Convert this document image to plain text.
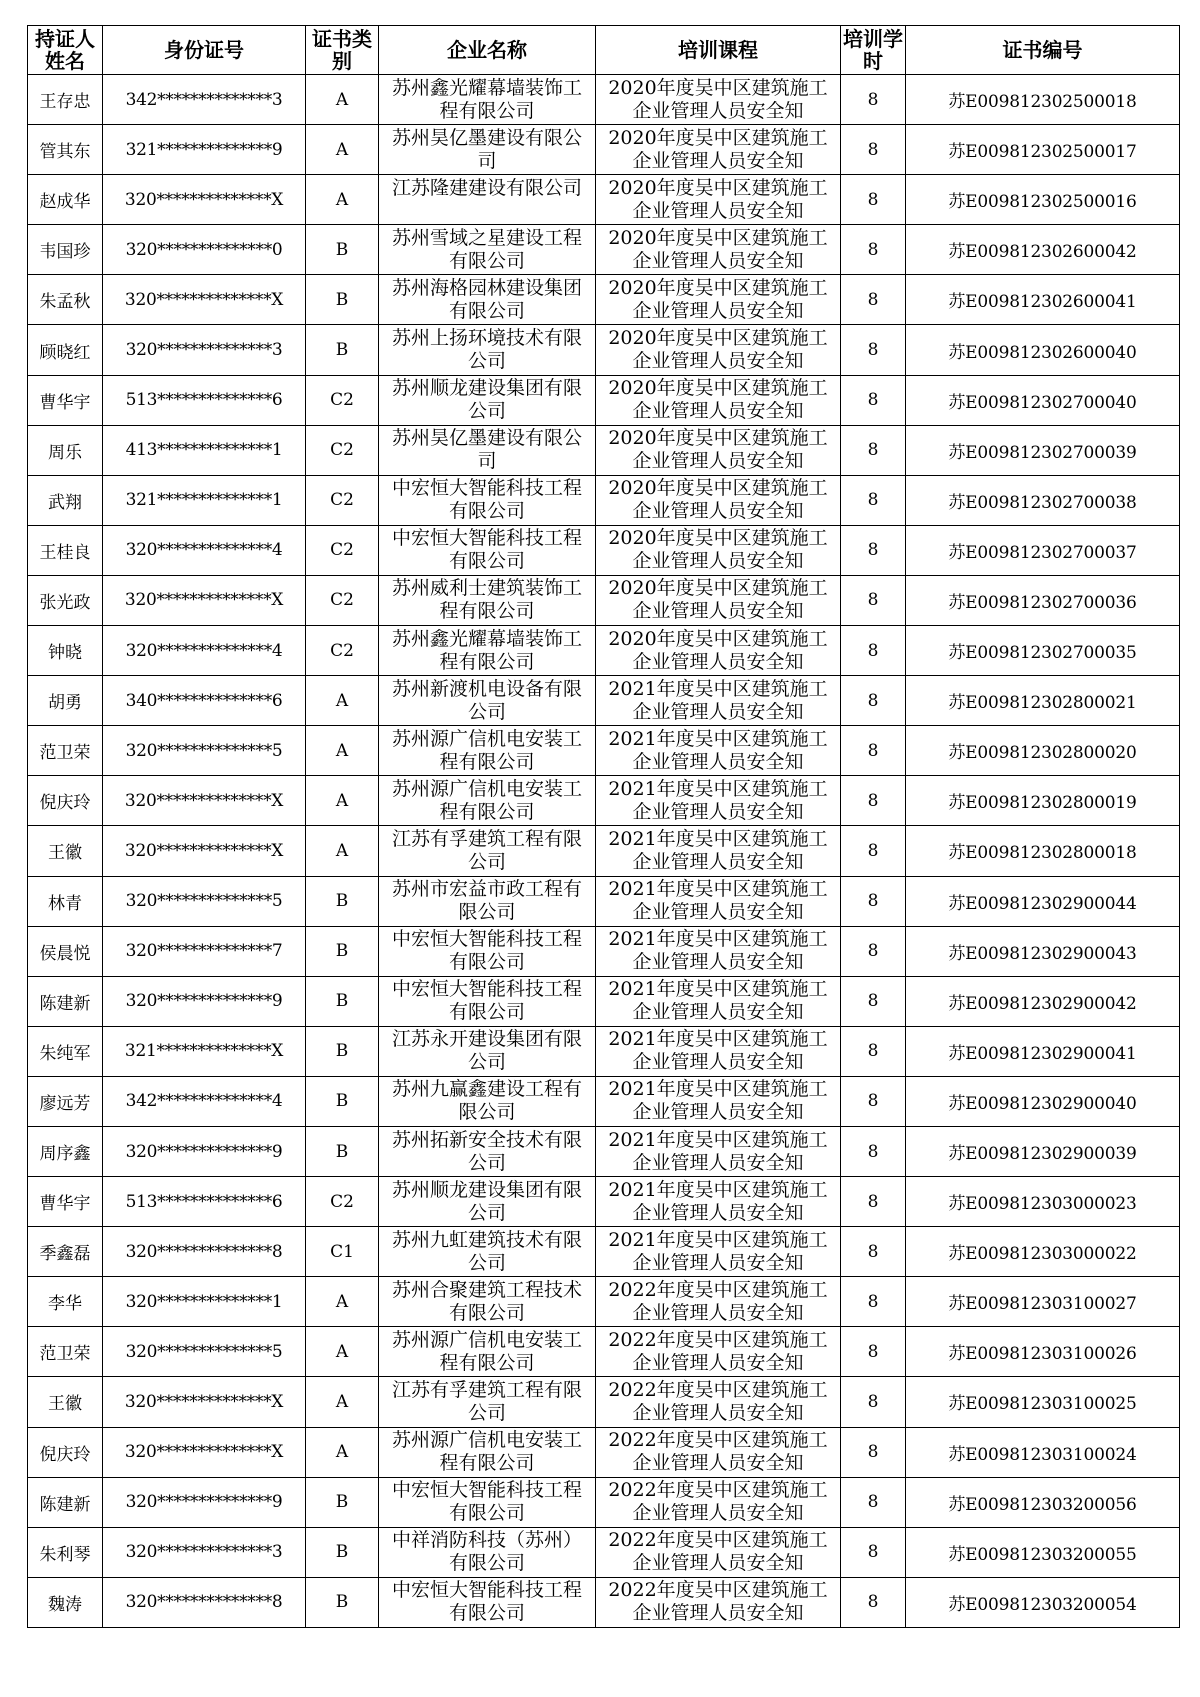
持证人姓名	身份证号	证书类别	企业名称	培训课程	培训学时	证书编号
王存忠	342**************3	A	苏州鑫光耀幕墙装饰工程有限公司	2020年度吴中区建筑施工企业管理人员安全知	8	苏E009812302500018
管其东	321**************9	A	苏州昊亿墨建设有限公司	2020年度吴中区建筑施工企业管理人员安全知	8	苏E009812302500017
赵成华	320**************X	A	江苏隆建建设有限公司	2020年度吴中区建筑施工企业管理人员安全知	8	苏E009812302500016
韦国珍	320**************0	B	苏州雪域之星建设工程有限公司	2020年度吴中区建筑施工企业管理人员安全知	8	苏E009812302600042
朱孟秋	320**************X	B	苏州海格园林建设集团有限公司	2020年度吴中区建筑施工企业管理人员安全知	8	苏E009812302600041
顾晓红	320**************3	B	苏州上扬环境技术有限公司	2020年度吴中区建筑施工企业管理人员安全知	8	苏E009812302600040
曹华宇	513**************6	C2	苏州顺龙建设集团有限公司	2020年度吴中区建筑施工企业管理人员安全知	8	苏E009812302700040
周乐	413**************1	C2	苏州昊亿墨建设有限公司	2020年度吴中区建筑施工企业管理人员安全知	8	苏E009812302700039
武翔	321**************1	C2	中宏恒大智能科技工程有限公司	2020年度吴中区建筑施工企业管理人员安全知	8	苏E009812302700038
王桂良	320**************4	C2	中宏恒大智能科技工程有限公司	2020年度吴中区建筑施工企业管理人员安全知	8	苏E009812302700037
张光政	320**************X	C2	苏州威利士建筑装饰工程有限公司	2020年度吴中区建筑施工企业管理人员安全知	8	苏E009812302700036
钟晓	320**************4	C2	苏州鑫光耀幕墙装饰工程有限公司	2020年度吴中区建筑施工企业管理人员安全知	8	苏E009812302700035
胡勇	340**************6	A	苏州新渡机电设备有限公司	2021年度吴中区建筑施工企业管理人员安全知	8	苏E009812302800021
范卫荣	320**************5	A	苏州源广信机电安装工程有限公司	2021年度吴中区建筑施工企业管理人员安全知	8	苏E009812302800020
倪庆玲	320**************X	A	苏州源广信机电安装工程有限公司	2021年度吴中区建筑施工企业管理人员安全知	8	苏E009812302800019
王徽	320**************X	A	江苏有孚建筑工程有限公司	2021年度吴中区建筑施工企业管理人员安全知	8	苏E009812302800018
林青	320**************5	B	苏州市宏益市政工程有限公司	2021年度吴中区建筑施工企业管理人员安全知	8	苏E009812302900044
侯晨悦	320**************7	B	中宏恒大智能科技工程有限公司	2021年度吴中区建筑施工企业管理人员安全知	8	苏E009812302900043
陈建新	320**************9	B	中宏恒大智能科技工程有限公司	2021年度吴中区建筑施工企业管理人员安全知	8	苏E009812302900042
朱纯军	321**************X	B	江苏永开建设集团有限公司	2021年度吴中区建筑施工企业管理人员安全知	8	苏E009812302900041
廖远芳	342**************4	B	苏州九赢鑫建设工程有限公司	2021年度吴中区建筑施工企业管理人员安全知	8	苏E009812302900040
周序鑫	320**************9	B	苏州拓新安全技术有限公司	2021年度吴中区建筑施工企业管理人员安全知	8	苏E009812302900039
曹华宇	513**************6	C2	苏州顺龙建设集团有限公司	2021年度吴中区建筑施工企业管理人员安全知	8	苏E009812303000023
季鑫磊	320**************8	C1	苏州九虹建筑技术有限公司	2021年度吴中区建筑施工企业管理人员安全知	8	苏E009812303000022
李华	320**************1	A	苏州合聚建筑工程技术有限公司	2022年度吴中区建筑施工企业管理人员安全知	8	苏E009812303100027
范卫荣	320**************5	A	苏州源广信机电安装工程有限公司	2022年度吴中区建筑施工企业管理人员安全知	8	苏E009812303100026
王徽	320**************X	A	江苏有孚建筑工程有限公司	2022年度吴中区建筑施工企业管理人员安全知	8	苏E009812303100025
倪庆玲	320**************X	A	苏州源广信机电安装工程有限公司	2022年度吴中区建筑施工企业管理人员安全知	8	苏E009812303100024
陈建新	320**************9	B	中宏恒大智能科技工程有限公司	2022年度吴中区建筑施工企业管理人员安全知	8	苏E009812303200056
朱利琴	320**************3	B	中祥消防科技（苏州）有限公司	2022年度吴中区建筑施工企业管理人员安全知	8	苏E009812303200055
魏涛	320**************8	B	中宏恒大智能科技工程有限公司	2022年度吴中区建筑施工企业管理人员安全知	8	苏E009812303200054
